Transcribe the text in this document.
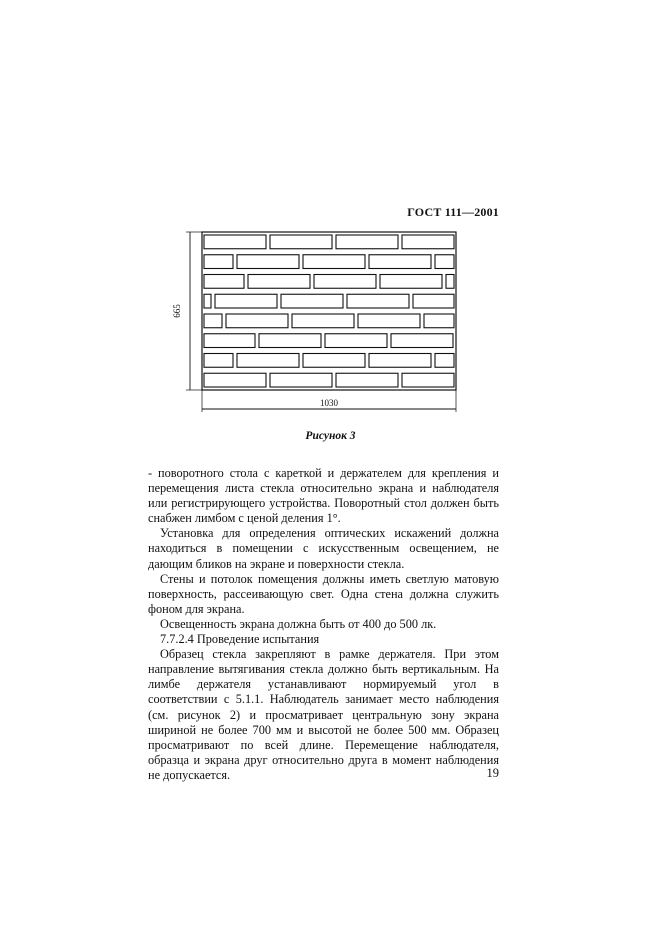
ГОСТ 111—2001
665
1030
Рисунок 3

- поворотного стола с кареткой и держателем для крепления и перемещения листа стекла относительно экрана и наблюдателя или регистрирующего устройства. Поворотный стол должен быть снабжен лимбом с ценой деления 1°.

Установка для определения оптических искажений должна находиться в помещении с искусственным освещением, не дающим бликов на экране и поверхности стекла.

Стены и потолок помещения должны иметь светлую матовую поверхность, рассеивающую свет. Одна стена должна служить фоном для экрана.

Освещенность экрана должна быть от 400 до 500 лк.

7.7.2.4 Проведение испытания

Образец стекла закрепляют в рамке держателя. При этом направление вытягивания стекла должно быть вертикальным. На лимбе держателя устанавливают нормируемый угол в соответствии с 5.1.1. Наблюдатель занимает место наблюдения (см. рисунок 2) и просматривает центральную зону экрана шириной не более 700 мм и высотой не более 500 мм. Образец просматривают по всей длине. Перемещение наблюдателя, образца и экрана друг относительно друга в момент наблюдения не допускается.	19
